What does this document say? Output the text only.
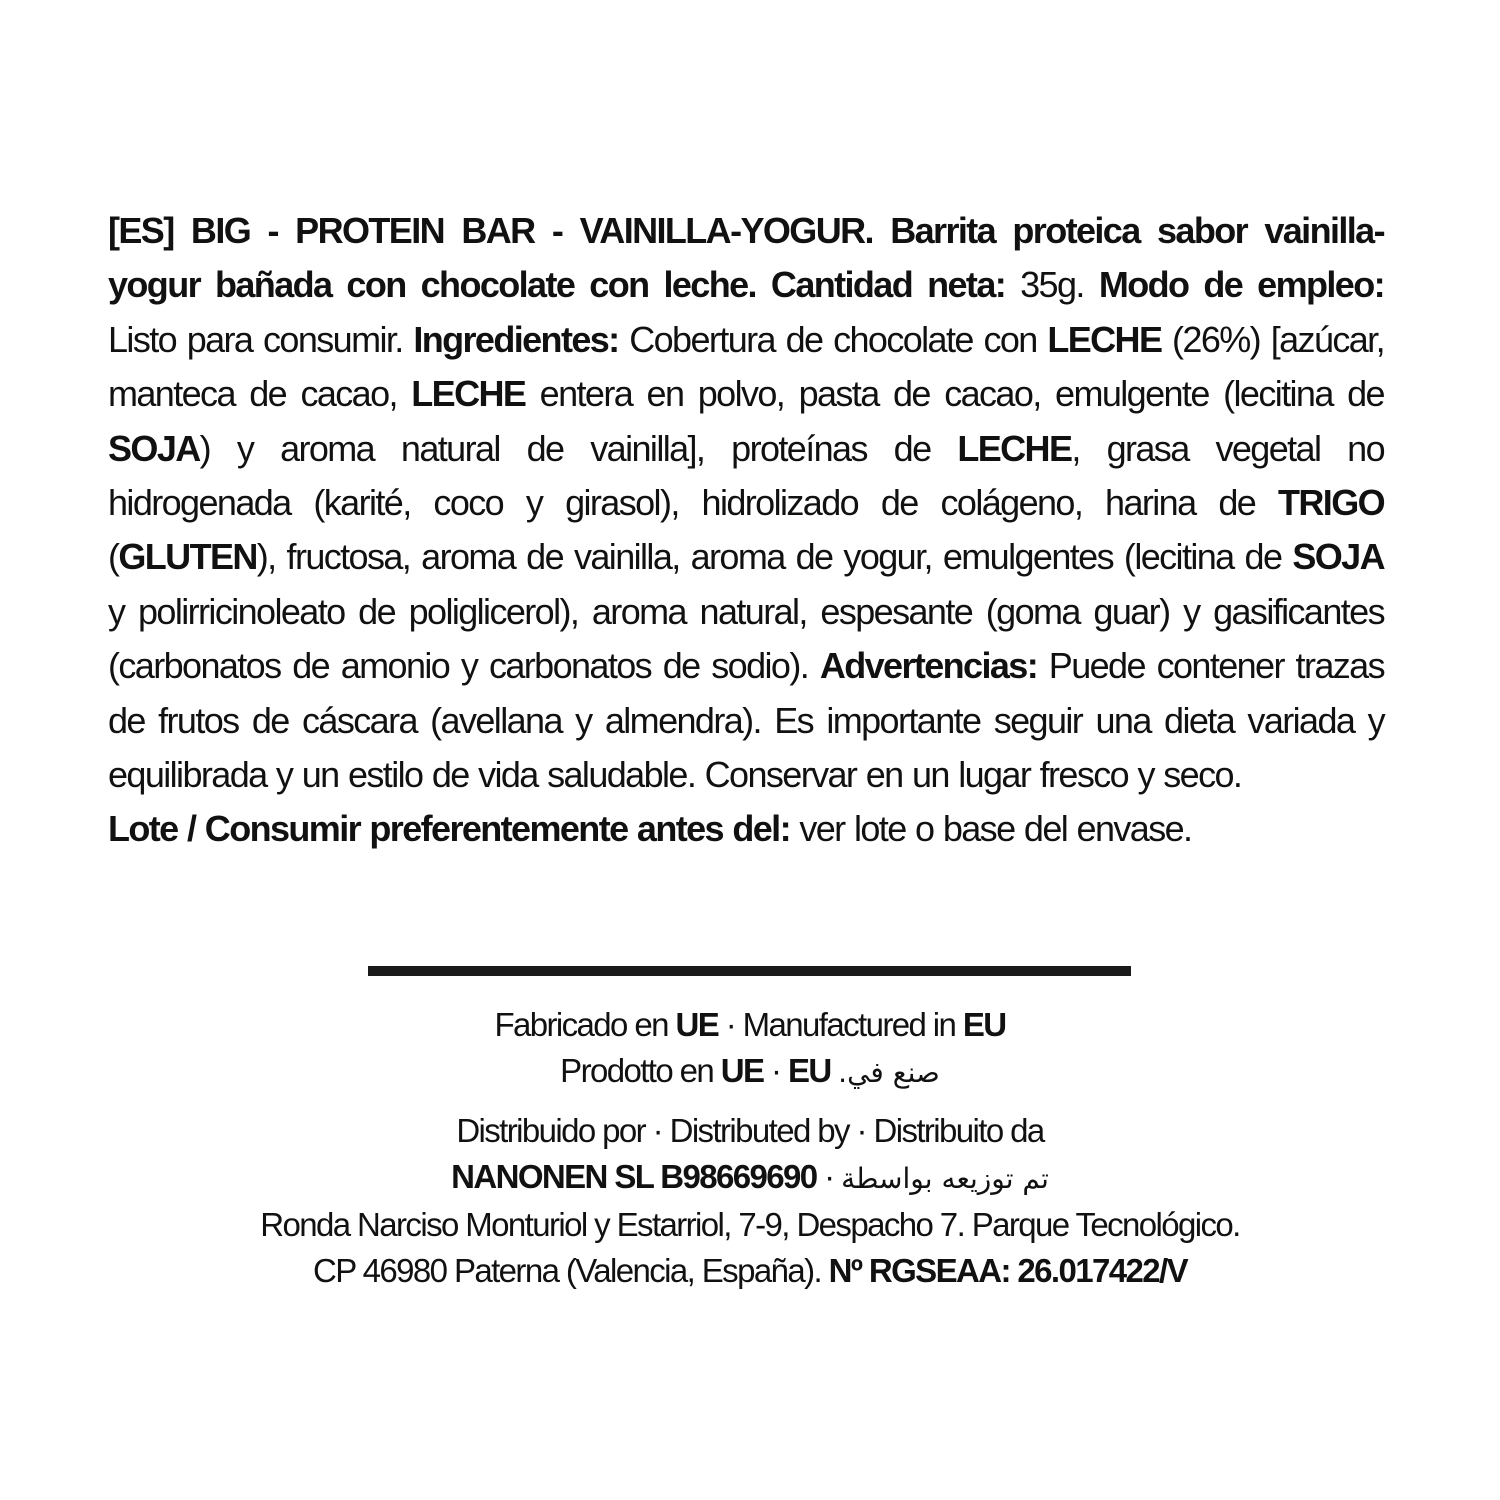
[ES] BIG - PROTEIN BAR - VAINILLA-YOGUR. Barrita proteica sabor vainilla-yogur bañada con chocolate con leche. Cantidad neta: 35g. Modo de empleo: Listo para consumir. Ingredientes: Cobertura de chocolate con LECHE (26%) [azúcar, manteca de cacao, LECHE entera en polvo, pasta de cacao, emulgente (lecitina de SOJA) y aroma natural de vainilla], proteínas de LECHE, grasa vegetal no hidrogenada (karité, coco y girasol), hidrolizado de colágeno, harina de TRIGO (GLUTEN), fructosa, aroma de vainilla, aroma de yogur, emulgentes (lecitina de SOJA y polirricinoleato de poliglicerol), aroma natural, espesante (goma guar) y gasificantes (carbonatos de amonio y carbonatos de sodio). Advertencias: Puede contener trazas de frutos de cáscara (avellana y almendra). Es importante seguir una dieta variada y equilibrada y un estilo de vida saludable. Conservar en un lugar fresco y seco.
Lote / Consumir preferentemente antes del: ver lote o base del envase.
Fabricado en UE · Manufactured in EU
Prodotto en UE · EU صنع في.
Distribuido por · Distributed by · Distribuito da
NANONEN SL B98669690 · تم توزيعه بواسطة
Ronda Narciso Monturiol y Estarriol, 7-9, Despacho 7. Parque Tecnológico.
CP 46980 Paterna (Valencia, España). Nº RGSEAA: 26.017422/V
